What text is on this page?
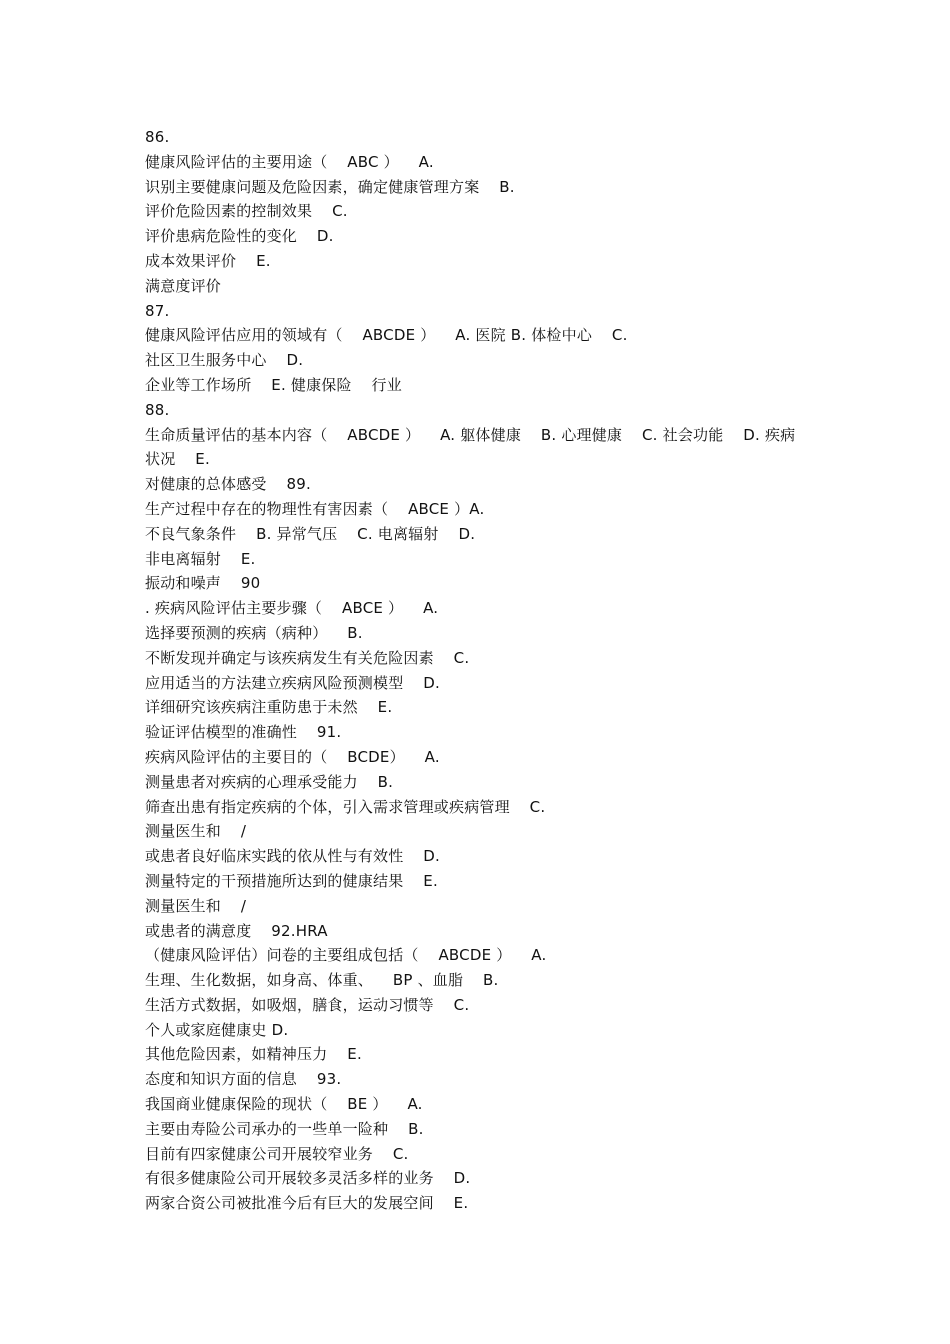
86.
健康风险评估的主要用途（    ABC ）    A.
识别主要健康问题及危险因素，确定健康管理方案    B.
评价危险因素的控制效果    C.
评价患病危险性的变化    D.
成本效果评价    E.
满意度评价
87.
健康风险评估应用的领域有（    ABCDE ）    A. 医院 B. 体检中心    C.
社区卫生服务中心    D.
企业等工作场所    E. 健康保险    行业
88.
生命质量评估的基本内容（    ABCDE ）    A. 躯体健康    B. 心理健康    C. 社会功能    D. 疾病
状况    E.
对健康的总体感受    89.
生产过程中存在的物理性有害因素（    ABCE ）A.
不良气象条件    B. 异常气压    C. 电离辐射    D.
非电离辐射    E.
振动和噪声    90
. 疾病风险评估主要步骤（    ABCE ）    A.
选择要预测的疾病（病种）    B.
不断发现并确定与该疾病发生有关危险因素    C.
应用适当的方法建立疾病风险预测模型    D.
详细研究该疾病注重防患于未然    E.
验证评估模型的准确性    91.
疾病风险评估的主要目的（    BCDE）    A.
测量患者对疾病的心理承受能力    B.
筛查出患有指定疾病的个体，引入需求管理或疾病管理    C.
测量医生和    /
或患者良好临床实践的依从性与有效性    D.
测量特定的干预措施所达到的健康结果    E.
测量医生和    /
或患者的满意度    92.HRA
（健康风险评估）问卷的主要组成包括（    ABCDE ）    A.
生理、生化数据，如身高、体重、    BP 、血脂    B.
生活方式数据，如吸烟，膳食，运动习惯等    C.
个人或家庭健康史 D.
其他危险因素，如精神压力    E.
态度和知识方面的信息    93.
我国商业健康保险的现状（    BE ）    A.
主要由寿险公司承办的一些单一险种    B.
目前有四家健康公司开展较窄业务    C.
有很多健康险公司开展较多灵活多样的业务    D.
两家合资公司被批准今后有巨大的发展空间    E.
